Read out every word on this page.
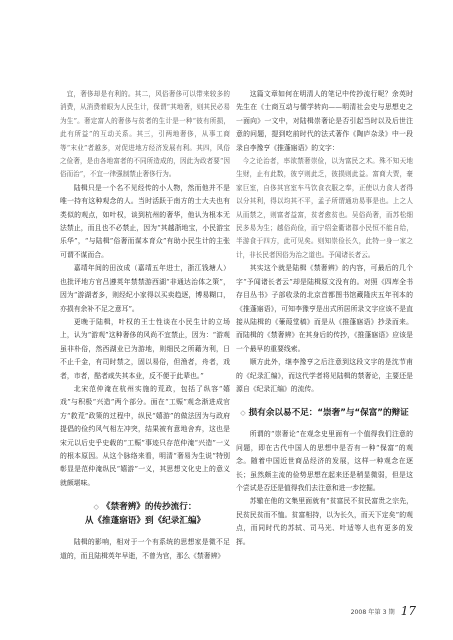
宜，奢侈却是有利的。其二，风俗奢侈可以带来较多的消费，从消费着眼为人民生计，保谓“其地奢，则其民必易为生”。奢定富人的奢侈与贫者的生计是一种“彼有所损，此有所益”的互动关系。其三，引两地奢侈，从事工商等“末业”者越多，对促进地方经济发展有利。其四，风俗之俭奢，是由各地富者的不同所造成的，因此为政者要“因俗而治”，不宜一律强制禁止奢侈行为。

陆楫只是一个名不见经传的小人物，然而他并不是唯一持有这种观念的人。当时活跃于南方的士大夫也有类似的观点，如叶权，谈到杭州的奢华，他认为根本无法禁止，而且也不必禁止，因为“其越浙地宝，小民游宝乐华”，“与陆楫”俗奢而谋本育众”有助小民生计的主张可谓不谋而合。

嘉靖年间的田汝成（嘉靖五年进士，浙江钱塘人）也批评地方官吕遵英年禁禁游西湖“非通达治体之策”，因为“游湖者多，则经纪小家得以买卖趋逐，博易糊口，亦损有余补不足之意耳”。

更晚于陆楫，叶权的王士性谈在小民生计的立场上，认为“游观”这种奢侈的风尚不宜禁止，因为：“游观虽非朴俗，然西湖业已为游地，则细民之所藉为利，日不止千金，有司时禁之，固以易俗，但渔者，舟者，戏者，市者，酤者咸失其本业，反不便于此辈也。”

北宋范仲淹在杭州实施的荒政，包括了纵容“嬉戏”与积极“兴造”两个部分。面在“工赈”观念渐进成官方“救荒”政策的过程中，纵民“嬉游”的做法因为与政府提倡的俭约风气相左冲突，结果被有意地舍弃，这也是宋元以后史乎史载的“工赈”事迹只存范仲淹“兴造”一义的根本原因。从这个脉络来看，明清“奢易为生说”特别彰显是范仲淹纵民“嬉游”一义，其思想文化史上的意义就颇堪味。

◇ 《禁奢辨》的传抄流行：
从《推蓬寤语》到《纪录汇编》

陆楫的影响，相对于一个有系统的思想家是微不足道的，而且陆楫英年早逝，不曾为官，那么《禁奢辨》

这篇文章如何在明清人的笔记中传抄流行呢？余英时先生在《士商互动与儒学转向——明清社会史与思想史之一面向》一文中，对陆楫崇奢论是否引起当时以及后世注意的问题，提到吃前时代的法式著作《陶庐杂录》中一段录自李豫亨《推蓬寤语》的文字：

今之论治者，率欲禁奢崇俭，以为富民之术。殊不知天地生财，止有此数，彼亨则此乏，彼损则此益。富商大贾，豪家巨室，自侈其宫室车马饮食衣服之奉，正使以力食人者得以分其利，得以均其不平，孟子所谓通功易事是也。上之人从而禁之，则富者益富，贫者愈贫也。吴俗尚奢，而苏松细民多易为生；越俗尚俭，而宁绍金衢诸郡小民恒不能自给，半游食于四方，此可见矣。则知崇俭长久，此特一身一家之计，非长民者因俗为治之道也。予闻诸长者云。

其实这个就是陆楫《禁奢辨》的内容，可最后的几个字“予闻诸长者云”却是陆楫原文没有的。对照《四库全书存目丛书》子部收录的北京首都图书馆藏隆庆五年刊本的《推蓬寤语》，可知李豫亨是出式所居所录文字应该不是直接从陆楫的《蒹葭堂稿》而是从《推蓬寤语》抄录而来。而陆楫的《禁奢辨》在其身后的传抄，《推蓬寤语》应该是一个最早的重要线索。

顺方此外，继李豫亨之后注意到这段文字的是沈节甫的《纪录汇编》，而这代学者将见陆楫的禁奢论，主要还是源自《纪录汇编》的流传。

◇ 损有余以易不足：“崇奢”与“保富”的辩证

所谓的“崇奢论”在观念史里面有一个值得我们注意的问题，即在古代中国人的思想中是否有一种“保富”的观念。随着中国近世商品经济的发展，这样一种观念在逐长；虽然颇主流的俭势思想在起来还是稍显微弱，但是这个尝试是否还是值得我们去注意和进一步挖掘。

苏辙在他的文集里面就有“贫富民不贫民富贵之宗先，民贫民贫而不恤。贫富相持，以为长久，而天下定矣”的观点，而同时代的苏轼、司马光、叶适等人也有更多的发挥。

2008 年第 3 期 17
